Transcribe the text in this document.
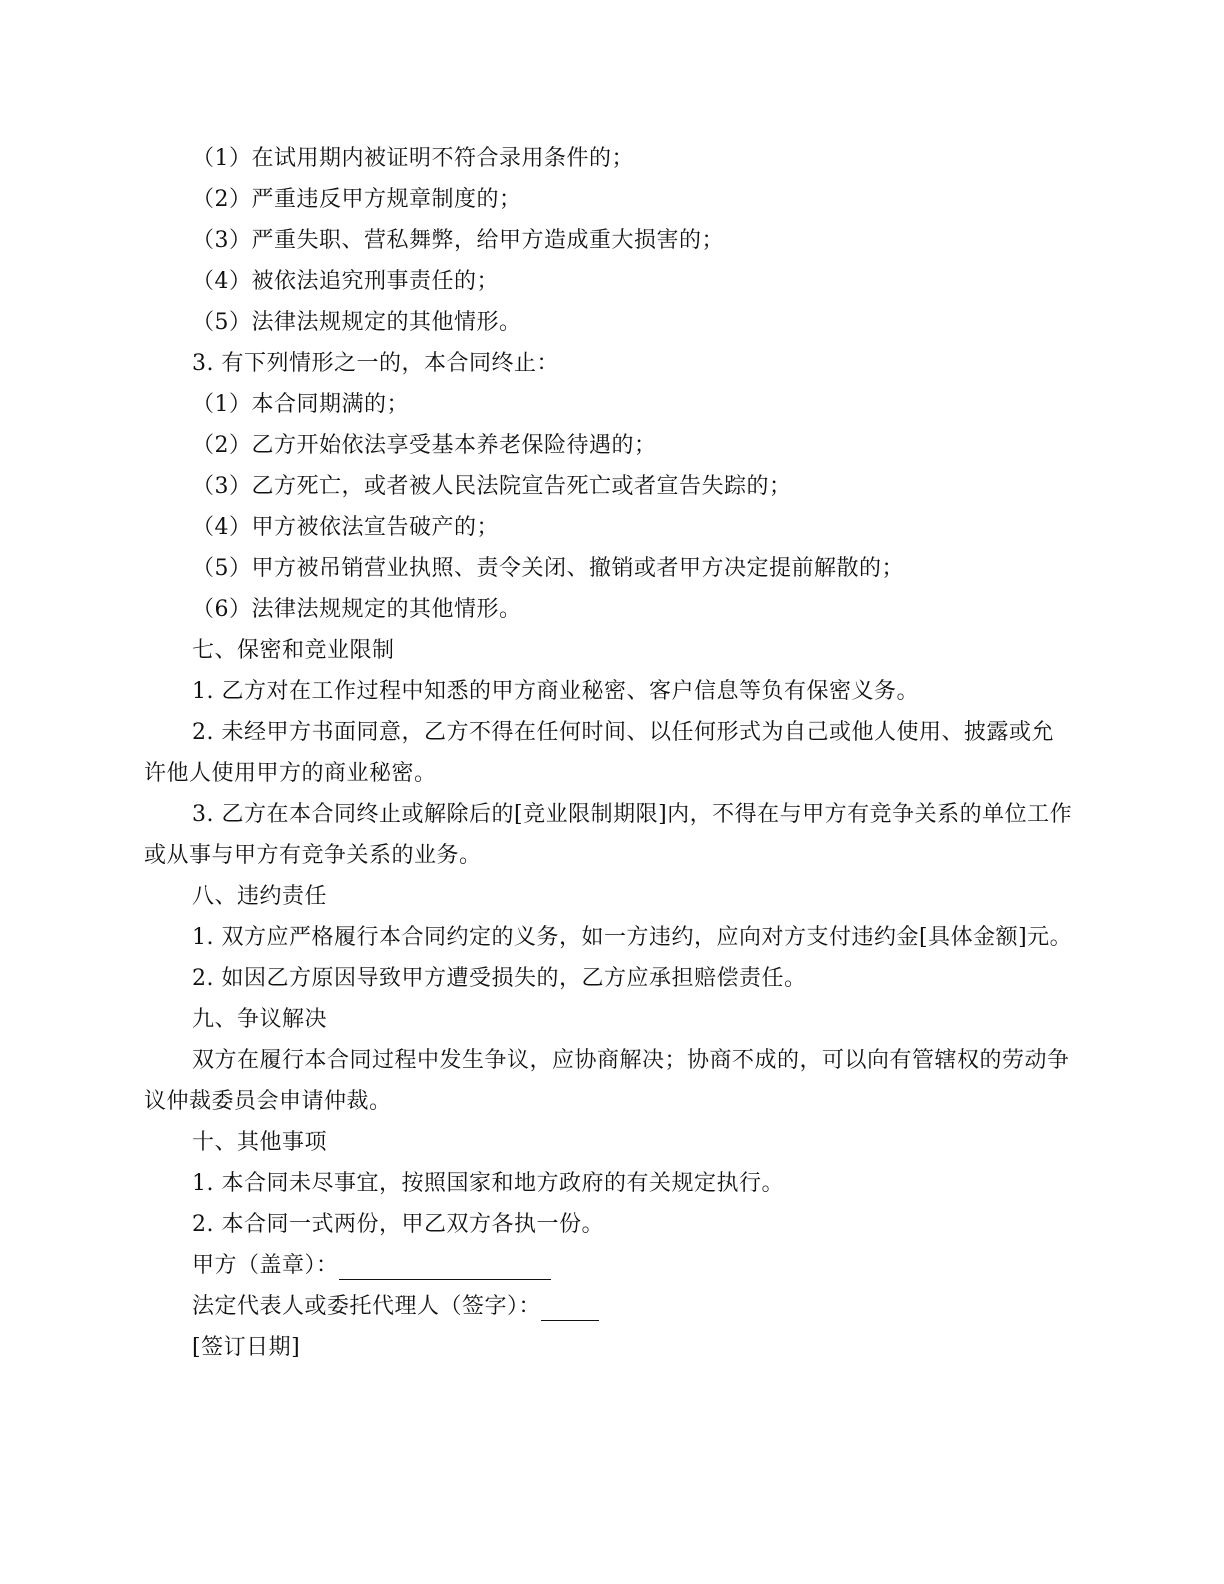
（1）在试用期内被证明不符合录用条件的；

（2）严重违反甲方规章制度的；

（3）严重失职、营私舞弊，给甲方造成重大损害的；

（4）被依法追究刑事责任的；

（5）法律法规规定的其他情形。

3. 有下列情形之一的，本合同终止：

（1）本合同期满的；

（2）乙方开始依法享受基本养老保险待遇的；

（3）乙方死亡，或者被人民法院宣告死亡或者宣告失踪的；

（4）甲方被依法宣告破产的；

（5）甲方被吊销营业执照、责令关闭、撤销或者甲方决定提前解散的；

（6）法律法规规定的其他情形。

七、保密和竞业限制

1. 乙方对在工作过程中知悉的甲方商业秘密、客户信息等负有保密义务。

2. 未经甲方书面同意，乙方不得在任何时间、以任何形式为自己或他人使用、披露或允许他人使用甲方的商业秘密。

3. 乙方在本合同终止或解除后的[竞业限制期限]内，不得在与甲方有竞争关系的单位工作或从事与甲方有竞争关系的业务。

八、违约责任

1. 双方应严格履行本合同约定的义务，如一方违约，应向对方支付违约金[具体金额]元。

2. 如因乙方原因导致甲方遭受损失的，乙方应承担赔偿责任。

九、争议解决

双方在履行本合同过程中发生争议，应协商解决；协商不成的，可以向有管辖权的劳动争议仲裁委员会申请仲裁。

十、其他事项

1. 本合同未尽事宜，按照国家和地方政府的有关规定执行。

2. 本合同一式两份，甲乙双方各执一份。

甲方（盖章）：

法定代表人或委托代理人（签字）：

[签订日期]
